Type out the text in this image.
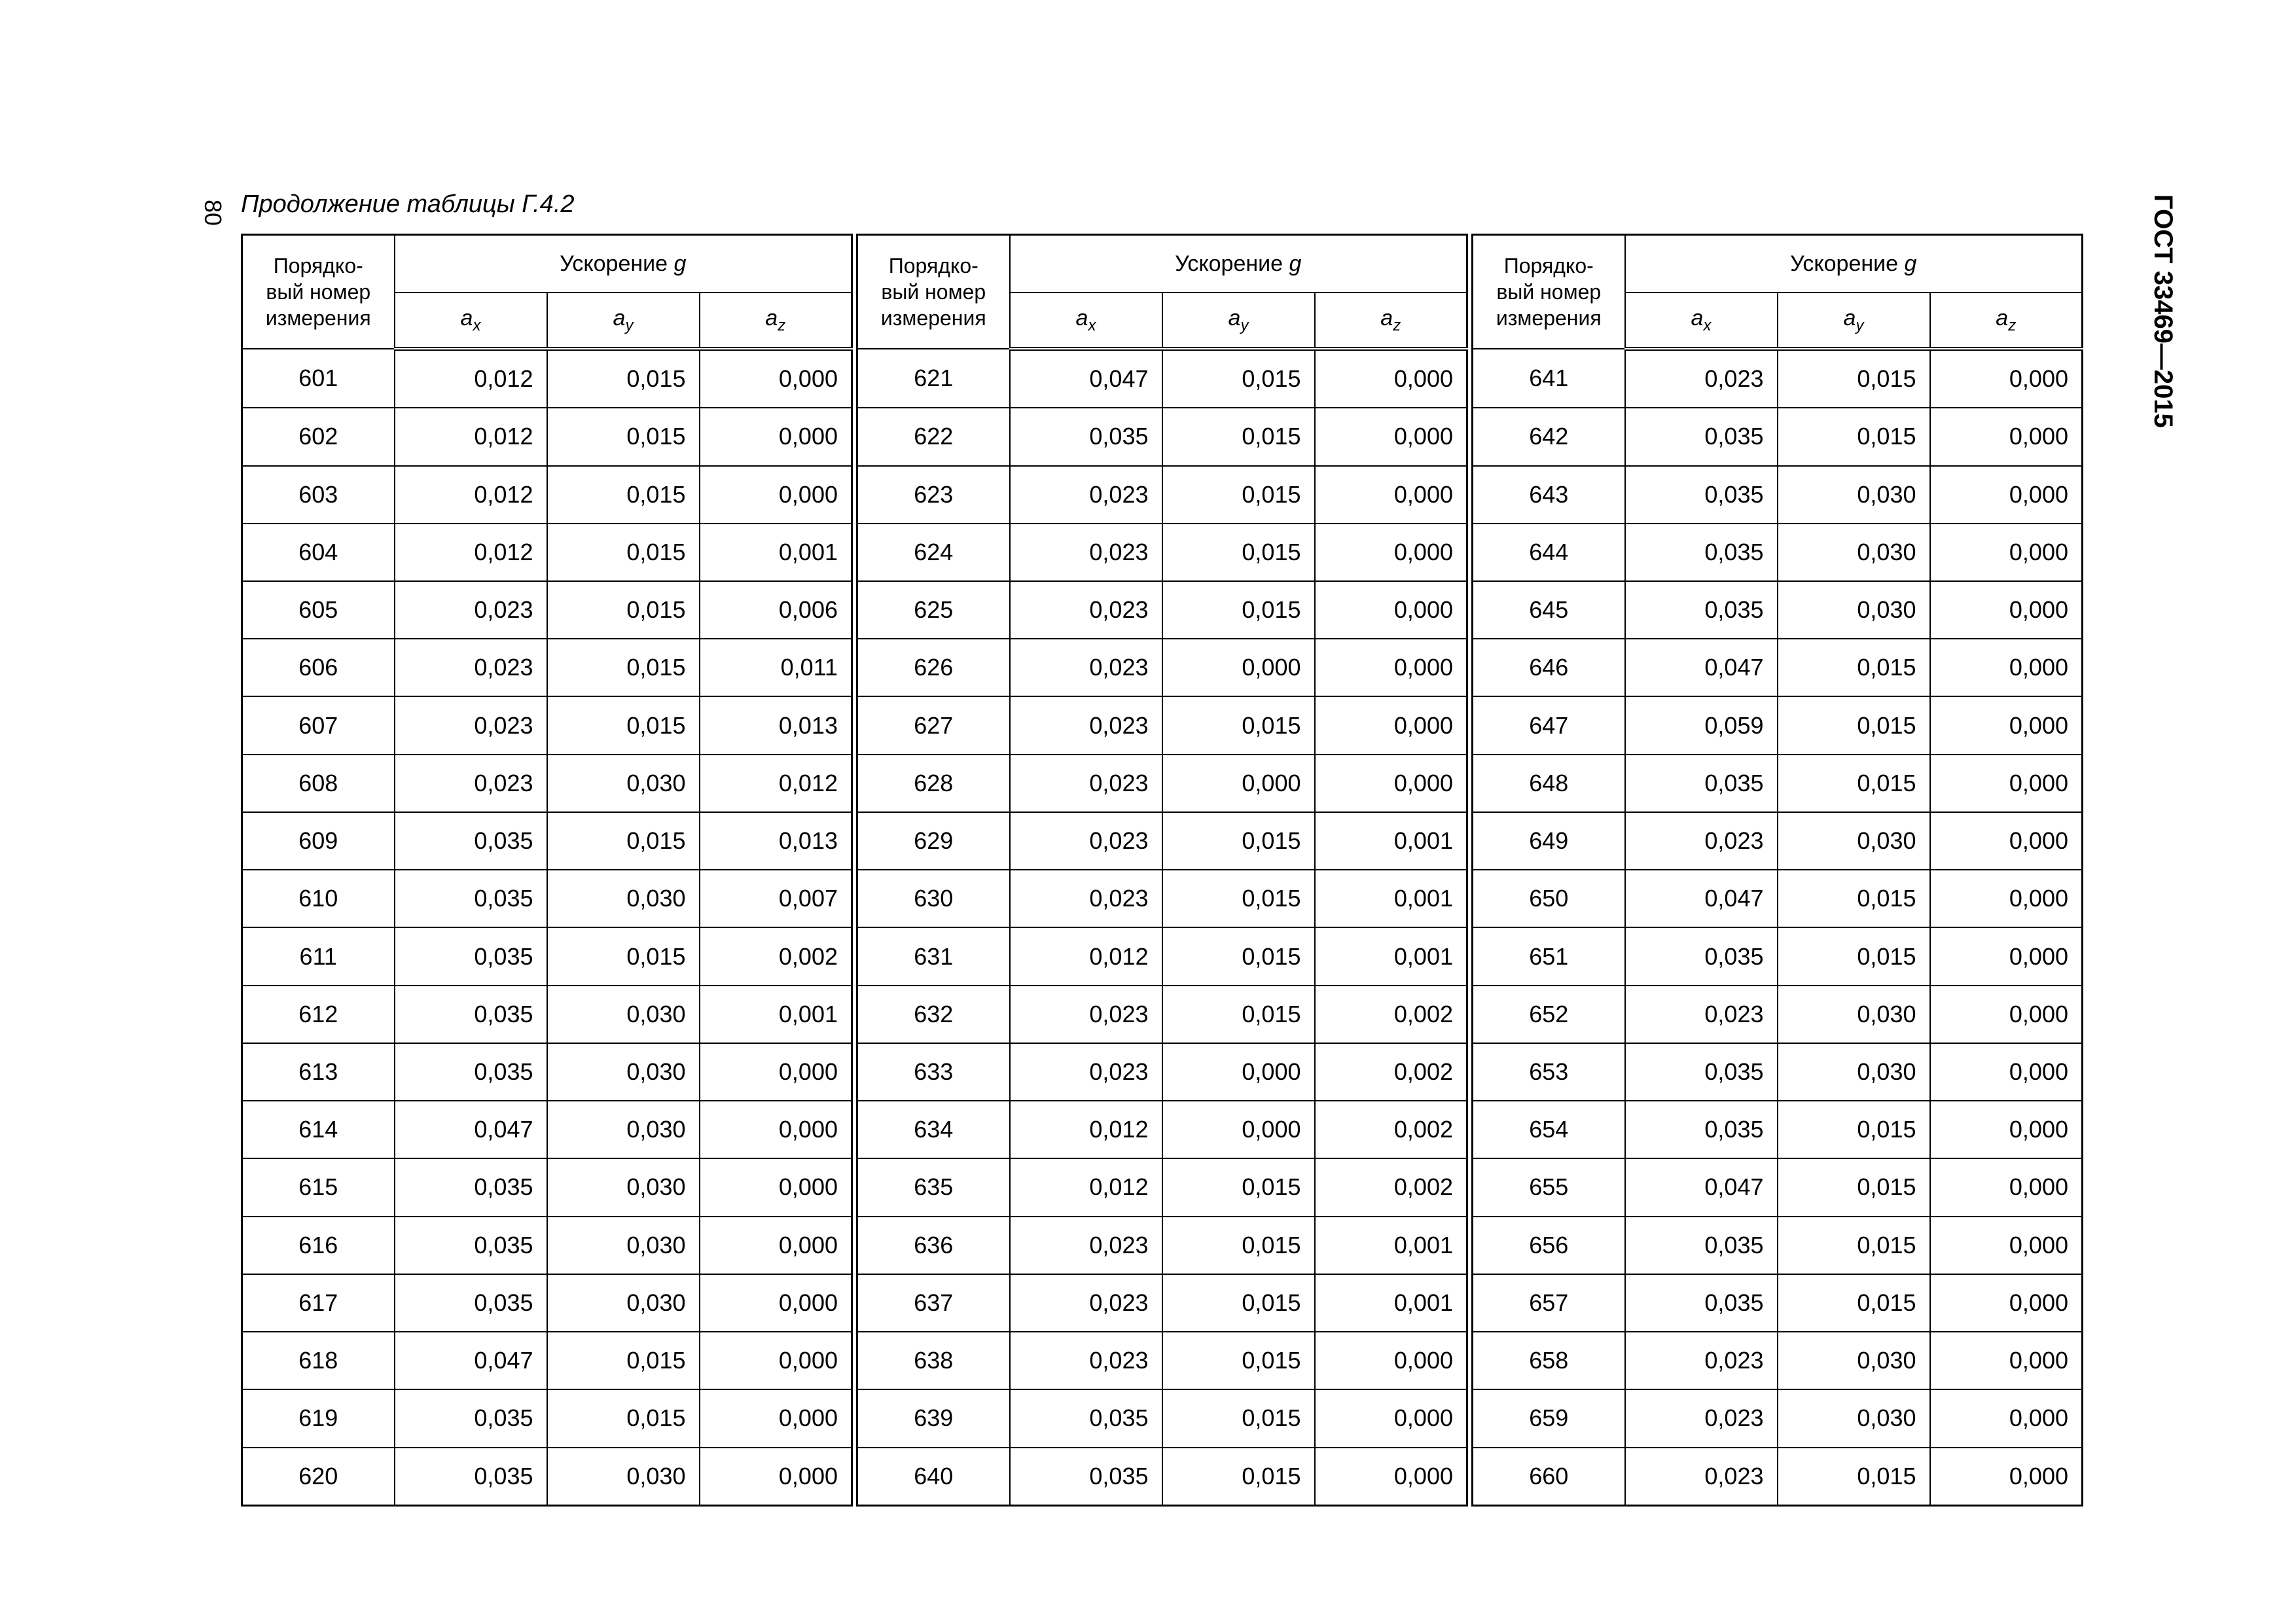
80 Продолжение таблицы Г.4.2	ГОСТ 33469—2015
Порядко-
вый номер
измерения	Ускорение g		
	$a_x$	$a_y$	$a_z$
601	0,012	0,015	0,000
602	0,012	0,015	0,000
603	0,012	0,015	0,000
604	0,012	0,015	0,001
605	0,023	0,015	0,006
606	0,023	0,015	0,011
607	0,023	0,015	0,013
608	0,023	0,030	0,012
609	0,035	0,015	0,013
610	0,035	0,030	0,007
611	0,035	0,015	0,002
612	0,035	0,030	0,001
613	0,035	0,030	0,000
614	0,047	0,030	0,000
615	0,035	0,030	0,000
616	0,035	0,030	0,000
617	0,035	0,030	0,000
618	0,047	0,015	0,000
619	0,035	0,015	0,000
620	0,035	0,030	0,000
Порядко-
вый номер
измерения	Ускорение g		
	$a_x$	$a_y$	$a_z$
621	0,047	0,015	0,000
622	0,035	0,015	0,000
623	0,023	0,015	0,000
624	0,023	0,015	0,000
625	0,023	0,015	0,000
626	0,023	0,000	0,000
627	0,023	0,015	0,000
628	0,023	0,000	0,000
629	0,023	0,015	0,001
630	0,023	0,015	0,001
631	0,012	0,015	0,001
632	0,023	0,015	0,002
633	0,023	0,000	0,002
634	0,012	0,000	0,002
635	0,012	0,015	0,002
636	0,023	0,015	0,001
637	0,023	0,015	0,001
638	0,023	0,015	0,000
639	0,035	0,015	0,000
640	0,035	0,015	0,000
Порядко-
вый номер
измерения	Ускорение g		
	$a_x$	$a_y$	$a_z$
641	0,023	0,015	0,000
642	0,035	0,015	0,000
643	0,035	0,030	0,000
644	0,035	0,030	0,000
645	0,035	0,030	0,000
646	0,047	0,015	0,000
647	0,059	0,015	0,000
648	0,035	0,015	0,000
649	0,023	0,030	0,000
650	0,047	0,015	0,000
651	0,035	0,015	0,000
652	0,023	0,030	0,000
653	0,035	0,030	0,000
654	0,035	0,015	0,000
655	0,047	0,015	0,000
656	0,035	0,015	0,000
657	0,035	0,015	0,000
658	0,023	0,030	0,000
659	0,023	0,030	0,000
660	0,023	0,015	0,000
